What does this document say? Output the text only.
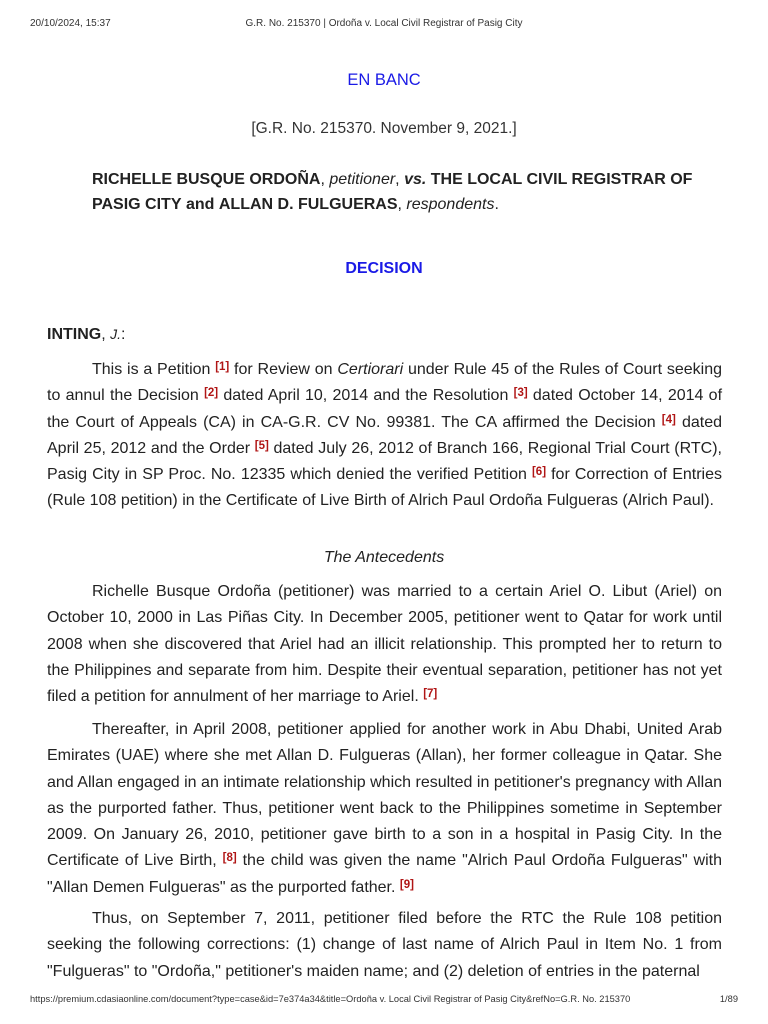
20/10/2024, 15:37	G.R. No. 215370 | Ordoña v. Local Civil Registrar of Pasig City
EN BANC
[G.R. No. 215370. November 9, 2021.]
RICHELLE BUSQUE ORDOÑA, petitioner, vs. THE LOCAL CIVIL REGISTRAR OF PASIG CITY and ALLAN D. FULGUERAS, respondents.
DECISION
INTING, J.:

This is a Petition [1] for Review on Certiorari under Rule 45 of the Rules of Court seeking to annul the Decision [2] dated April 10, 2014 and the Resolution [3] dated October 14, 2014 of the Court of Appeals (CA) in CA-G.R. CV No. 99381. The CA affirmed the Decision [4] dated April 25, 2012 and the Order [5] dated July 26, 2012 of Branch 166, Regional Trial Court (RTC), Pasig City in SP Proc. No. 12335 which denied the verified Petition [6] for Correction of Entries (Rule 108 petition) in the Certificate of Live Birth of Alrich Paul Ordoña Fulgueras (Alrich Paul).

The Antecedents

Richelle Busque Ordoña (petitioner) was married to a certain Ariel O. Libut (Ariel) on October 10, 2000 in Las Piñas City. In December 2005, petitioner went to Qatar for work until 2008 when she discovered that Ariel had an illicit relationship. This prompted her to return to the Philippines and separate from him. Despite their eventual separation, petitioner has not yet filed a petition for annulment of her marriage to Ariel. [7]

Thereafter, in April 2008, petitioner applied for another work in Abu Dhabi, United Arab Emirates (UAE) where she met Allan D. Fulgueras (Allan), her former colleague in Qatar. She and Allan engaged in an intimate relationship which resulted in petitioner's pregnancy with Allan as the purported father. Thus, petitioner went back to the Philippines sometime in September 2009. On January 26, 2010, petitioner gave birth to a son in a hospital in Pasig City. In the Certificate of Live Birth, [8] the child was given the name "Alrich Paul Ordoña Fulgueras" with "Allan Demen Fulgueras" as the purported father. [9]

Thus, on September 7, 2011, petitioner filed before the RTC the Rule 108 petition seeking the following corrections: (1) change of last name of Alrich Paul in Item No. 1 from "Fulgueras" to "Ordoña," petitioner's maiden name; and (2) deletion of entries in the paternal

https://premium.cdasiaonline.com/document?type=case&id=7e374a34&title=Ordoña v. Local Civil Registrar of Pasig City&refNo=G.R. No. 215370	1/89
